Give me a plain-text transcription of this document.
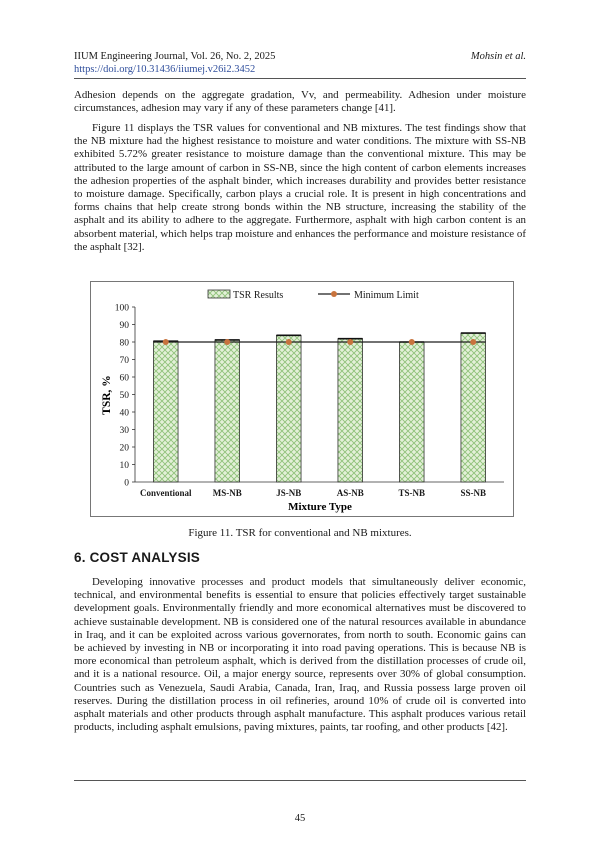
IIUM Engineering Journal, Vol. 26, No. 2, 2025	Mohsin et al.
https://doi.org/10.31436/iiumej.v26i2.3452

Adhesion depends on the aggregate gradation, Vv, and permeability. Adhesion under moisture circumstances, adhesion may vary if any of these parameters change [41].

Figure 11 displays the TSR values for conventional and NB mixtures. The test findings show that the NB mixture had the highest resistance to moisture and water conditions. The mixture with SS-NB exhibited 5.72% greater resistance to moisture damage than the conventional mixture. This may be attributed to the large amount of carbon in SS-NB, since the high content of carbon elements increases the adhesion properties of the asphalt binder, which increases durability and provides better resistance to moisture damage. Specifically, carbon plays a crucial role. It is present in high concentrations and forms chains that help create strong bonds within the NB structure, increasing the stability of the asphalt and its ability to adhere to the aggregate. Furthermore, asphalt with high carbon content is an absorbent material, which helps trap moisture and enhances the performance and moisture resistance of the asphalt [32].

TSR Results	Minimum Limit
0
10
20
30
40
50
60
70
80
90
100
Conventional MS-NB	JS-NB	AS-NB	TS-NB	SS-NB
TSR, %
Mixture Type
Figure 11. TSR for conventional and NB mixtures.
6. COST ANALYSIS

Developing innovative processes and product models that simultaneously deliver economic, technical, and environmental benefits is essential to ensure that policies effectively target sustainable development goals. Environmentally friendly and more economical alternatives must be discovered to achieve sustainable development. NB is considered one of the natural resources available in abundance in Iraq, and it can be exploited across various governorates, from north to south. Economic gains can be achieved by investing in NB or incorporating it into road paving operations. This is because NB is more economical than petroleum asphalt, which is derived from the distillation processes of crude oil, and it is a national resource. Oil, a major energy source, represents over 30% of global consumption. Countries such as Venezuela, Saudi Arabia, Canada, Iran, Iraq, and Russia possess large proven oil reserves. During the distillation process in oil refineries, around 10% of crude oil is converted into asphalt materials and other products through asphalt manufacture. This asphalt produces various retail products, including asphalt emulsions, paving mixtures, paints, tar roofing, and other products [42].

45
